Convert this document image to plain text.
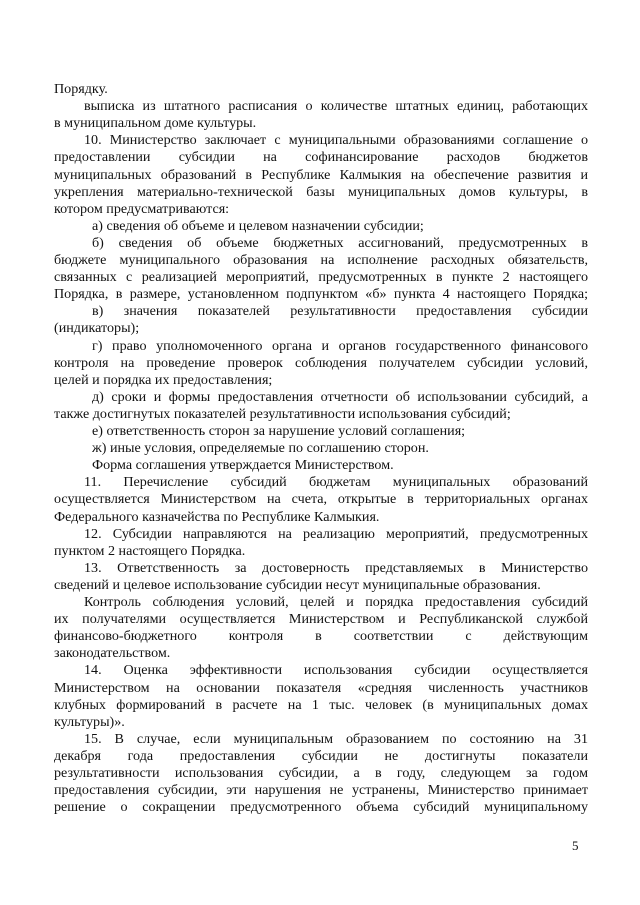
Порядку.
выписка из штатного расписания о количестве штатных единиц, работающих
в муниципальном доме культуры.
10. Министерство заключает с муниципальными образованиями соглашение о
предоставлении субсидии на софинансирование расходов бюджетов
муниципальных образований в Республике Калмыкия на обеспечение развития и
укрепления материально-технической базы муниципальных домов культуры, в
котором предусматриваются:
а) сведения об объеме и целевом назначении субсидии;
б) сведения об объеме бюджетных ассигнований, предусмотренных в
бюджете муниципального образования на исполнение расходных обязательств,
связанных с реализацией мероприятий, предусмотренных в пункте 2 настоящего
Порядка, в размере, установленном подпунктом «б» пункта 4 настоящего Порядка;
в) значения показателей результативности предоставления субсидии
(индикаторы);
г) право уполномоченного органа и органов государственного финансового
контроля на проведение проверок соблюдения получателем субсидии условий,
целей и порядка их предоставления;
д) сроки и формы предоставления отчетности об использовании субсидий, а
также достигнутых показателей результативности использования субсидий;
е) ответственность сторон за нарушение условий соглашения;
ж) иные условия, определяемые по соглашению сторон.
Форма соглашения утверждается Министерством.
11. Перечисление субсидий бюджетам муниципальных образований
осуществляется Министерством на счета, открытые в территориальных органах
Федерального казначейства по Республике Калмыкия.
12. Субсидии направляются на реализацию мероприятий, предусмотренных
пунктом 2 настоящего Порядка.
13. Ответственность за достоверность представляемых в Министерство
сведений и целевое использование субсидии несут муниципальные образования.
Контроль соблюдения условий, целей и порядка предоставления субсидий
их получателями осуществляется Министерством и Республиканской службой
финансово-бюджетного контроля в соответствии с действующим
законодательством.
14. Оценка эффективности использования субсидии осуществляется
Министерством на основании показателя «средняя численность участников
клубных формирований в расчете на 1 тыс. человек (в муниципальных домах
культуры)».
15. В случае, если муниципальным образованием по состоянию на 31
декабря года предоставления субсидии не достигнуты показатели
результативности использования субсидии, а в году, следующем за годом
предоставления субсидии, эти нарушения не устранены, Министерство принимает
решение о сокращении предусмотренного объема субсидий муниципальному
5
